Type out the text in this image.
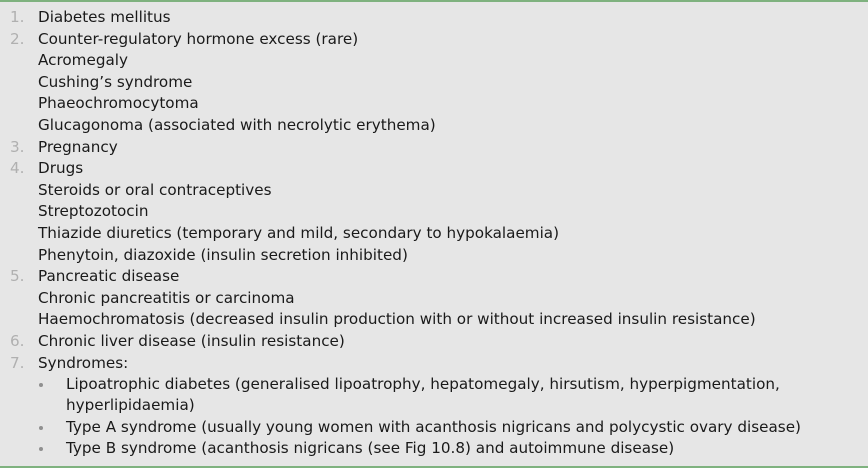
1. Diabetes mellitus
2. Counter-regulatory hormone excess (rare)
Acromegaly
Cushing’s syndrome
Phaeochromocytoma
Glucagonoma (associated with necrolytic erythema)
3. Pregnancy
4. Drugs
Steroids or oral contraceptives
Streptozotocin
Thiazide diuretics (temporary and mild, secondary to hypokalaemia)
Phenytoin, diazoxide (insulin secretion inhibited)
5. Pancreatic disease
Chronic pancreatitis or carcinoma
Haemochromatosis (decreased insulin production with or without increased insulin resistance)
6. Chronic liver disease (insulin resistance)
7. Syndromes:
Lipoatrophic diabetes (generalised lipoatrophy, hepatomegaly, hirsutism, hyperpigmentation, hyperlipidaemia)
Type A syndrome (usually young women with acanthosis nigricans and polycystic ovary disease)
Type B syndrome (acanthosis nigricans (see Fig 10.8) and autoimmune disease)
